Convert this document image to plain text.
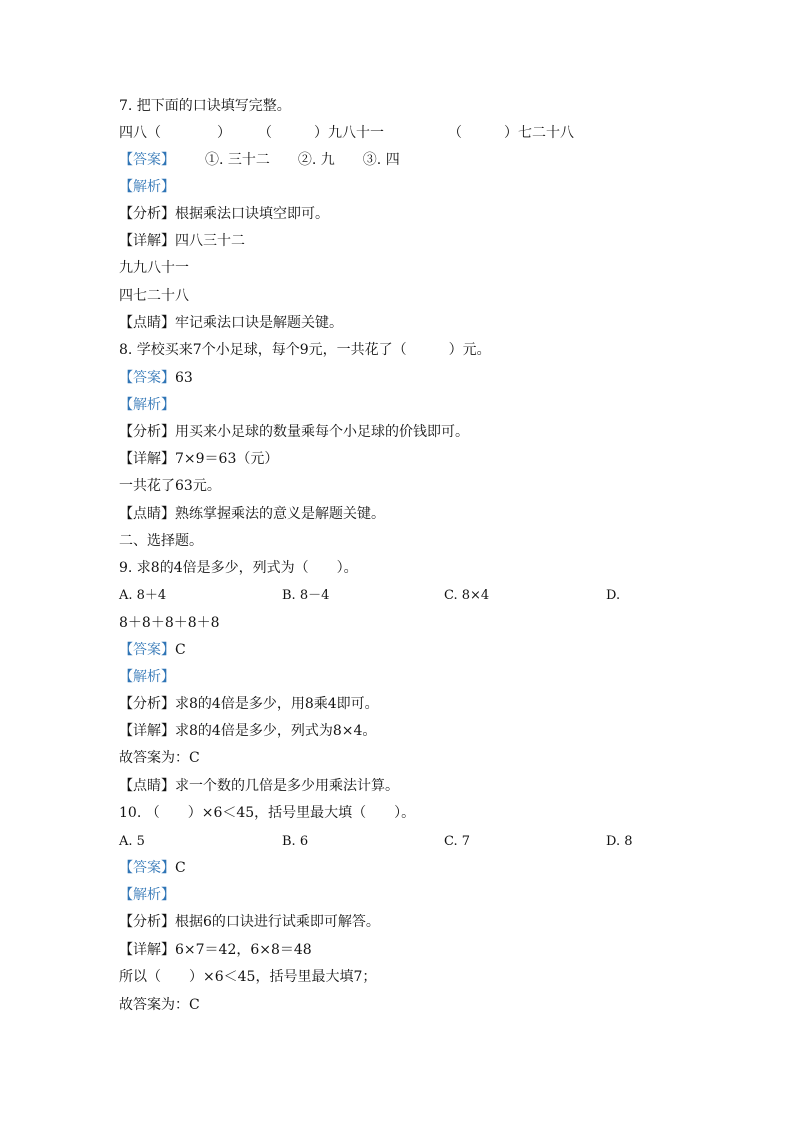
7. 把下面的口诀填写完整。
四八（　　　　） （　　　）九八十一	（　　　）七二十八
【答案】 ①. 三十二　　②. 九　　③. 四
【解析】
【分析】根据乘法口诀填空即可。
【详解】四八三十二
九九八十一
四七二十八
【点睛】牢记乘法口诀是解题关键。
8. 学校买来7个小足球，每个9元，一共花了（　　　）元。
【答案】63
【解析】
【分析】用买来小足球的数量乘每个小足球的价钱即可。
【详解】7×9＝63（元）
一共花了63元。
【点睛】熟练掌握乘法的意义是解题关键。
二、选择题。
9. 求8的4倍是多少，列式为（　　）。
A. 8＋4	B. 8－4	C. 8×4	D.
8＋8＋8＋8＋8
【答案】C
【解析】
【分析】求8的4倍是多少，用8乘4即可。
【详解】求8的4倍是多少，列式为8×4。
故答案为：C
【点睛】求一个数的几倍是多少用乘法计算。
10. （　　）×6＜45，括号里最大填（　　）。
A. 5	B. 6	C. 7	D. 8
【答案】C
【解析】
【分析】根据6的口诀进行试乘即可解答。
【详解】6×7＝42，6×8＝48
所以（　　）×6＜45，括号里最大填7；
故答案为：C
